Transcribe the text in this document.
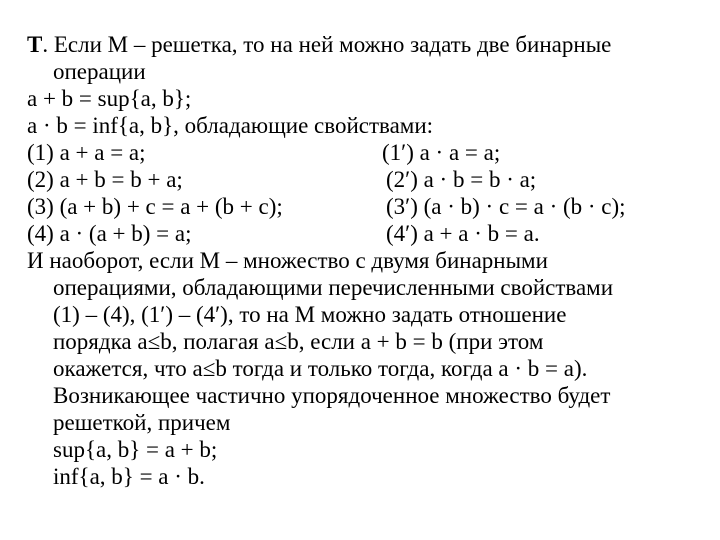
Т. Если M – решетка, то на ней можно задать две бинарные
операции
a + b = sup{a, b};
a · b = inf{a, b}, обладающие свойствами:
(1) a + a = a;	(1′) a · a = a;
(2) a + b = b + a;	(2′) a · b = b · a;
(3) (a + b) + c = a + (b + c);	(3′) (a · b) · c = a · (b · c);
(4) a · (a + b) = a;	(4′) a + a · b = a.
И наоборот, если M – множество с двумя бинарными
операциями, обладающими перечисленными свойствами
(1) – (4), (1′) – (4′), то на M можно задать отношение
порядка a≤b, полагая a≤b, если a + b = b (при этом
окажется, что a≤b тогда и только тогда, когда a · b = a).
Возникающее частично упорядоченное множество будет
решеткой, причем
sup{a, b} = a + b;
inf{a, b} = a · b.
